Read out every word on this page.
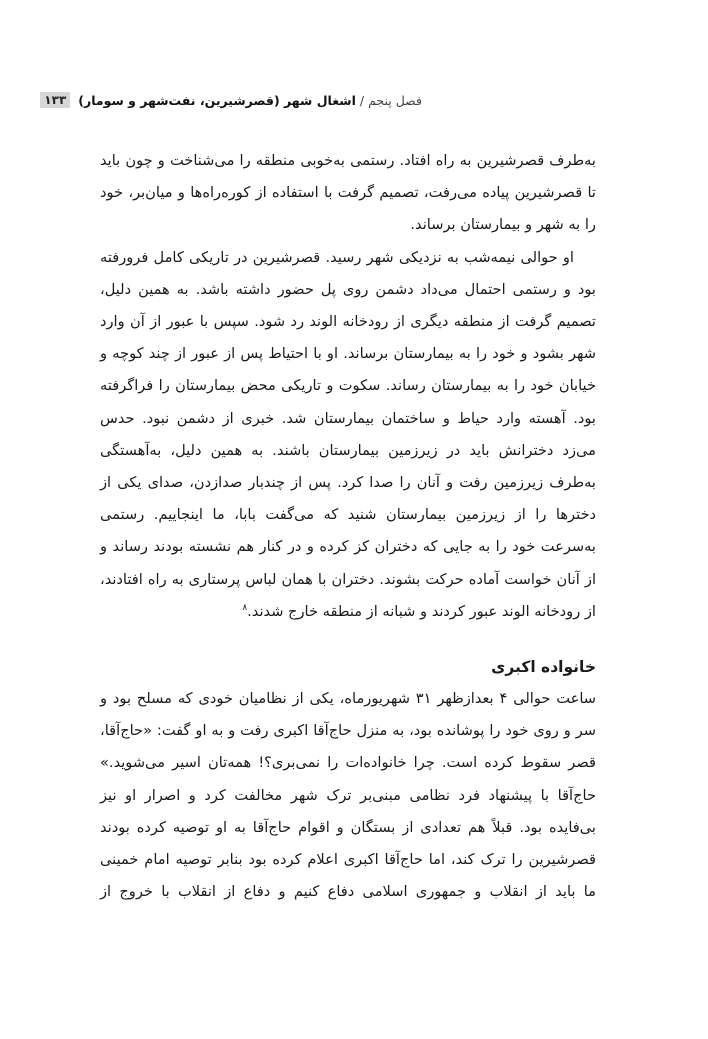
فصل پنجم
/
اشغال شهر (قصرشیرین، نفت‌شهر و سومار)
۱۳۳

به‌طرف قصرشیرین به راه افتاد. رستمی به‌خوبی منطقه را می‌شناخت و چون باید تا قصرشیرین پیاده می‌رفت، تصمیم گرفت با استفاده از کوره‌راه‌ها و میان‌بر، خود را به شهر و بیمارستان برساند.

او حوالی نیمه‌شب به نزدیکی شهر رسید. قصرشیرین در تاریکی کامل فرورفته بود و رستمی احتمال می‌داد دشمن روی پل حضور داشته باشد. به همین دلیل، تصمیم گرفت از منطقه دیگری از رودخانه الوند رد شود. سپس با عبور از آن وارد شهر بشود و خود را به بیمارستان برساند. او با احتیاط پس از عبور از چند کوچه و خیابان خود را به بیمارستان رساند. سکوت و تاریکی محض بیمارستان را فراگرفته بود. آهسته وارد حیاط و ساختمان بیمارستان شد. خبری از دشمن نبود. حدس می‌زد دخترانش باید در زیرزمین بیمارستان باشند. به همین دلیل، به‌آهستگی به‌طرف زیرزمین رفت و آنان را صدا کرد. پس از چندبار صدازدن، صدای یکی از دخترها را از زیرزمین بیمارستان شنید که می‌گفت بابا، ما اینجاییم. رستمی به‌سرعت خود را به جایی که دختران کز کرده و در کنار هم نشسته بودند رساند و از آنان خواست آماده حرکت بشوند. دختران با همان لباس پرستاری به راه افتادند، از رودخانه الوند عبور کردند و شبانه از منطقه خارج شدند.$^۸$

خانواده اکبری

ساعت حوالی ۴ بعدازظهر ۳۱ شهریورماه، یکی از نظامیان خودی که مسلح بود و سر و روی خود را پوشانده بود، به منزل حاج‌آقا اکبری رفت و به او گفت: «حاج‌آقا، قصر سقوط کرده است. چرا خانواده‌ات را نمی‌بری؟! همه‌تان اسیر می‌شوید.» حاج‌آقا با پیشنهاد فرد نظامی مبنی‌بر ترک شهر مخالفت کرد و اصرار او نیز بی‌فایده بود. قبلاً هم تعدادی از بستگان و اقوام حاج‌آقا به او توصیه کرده بودند قصرشیرین را ترک کند، اما حاج‌آقا اکبری اعلام کرده بود بنابر توصیه امام خمینی ما باید از انقلاب و جمهوری اسلامی دفاع کنیم و دفاع از انقلاب با خروج از
